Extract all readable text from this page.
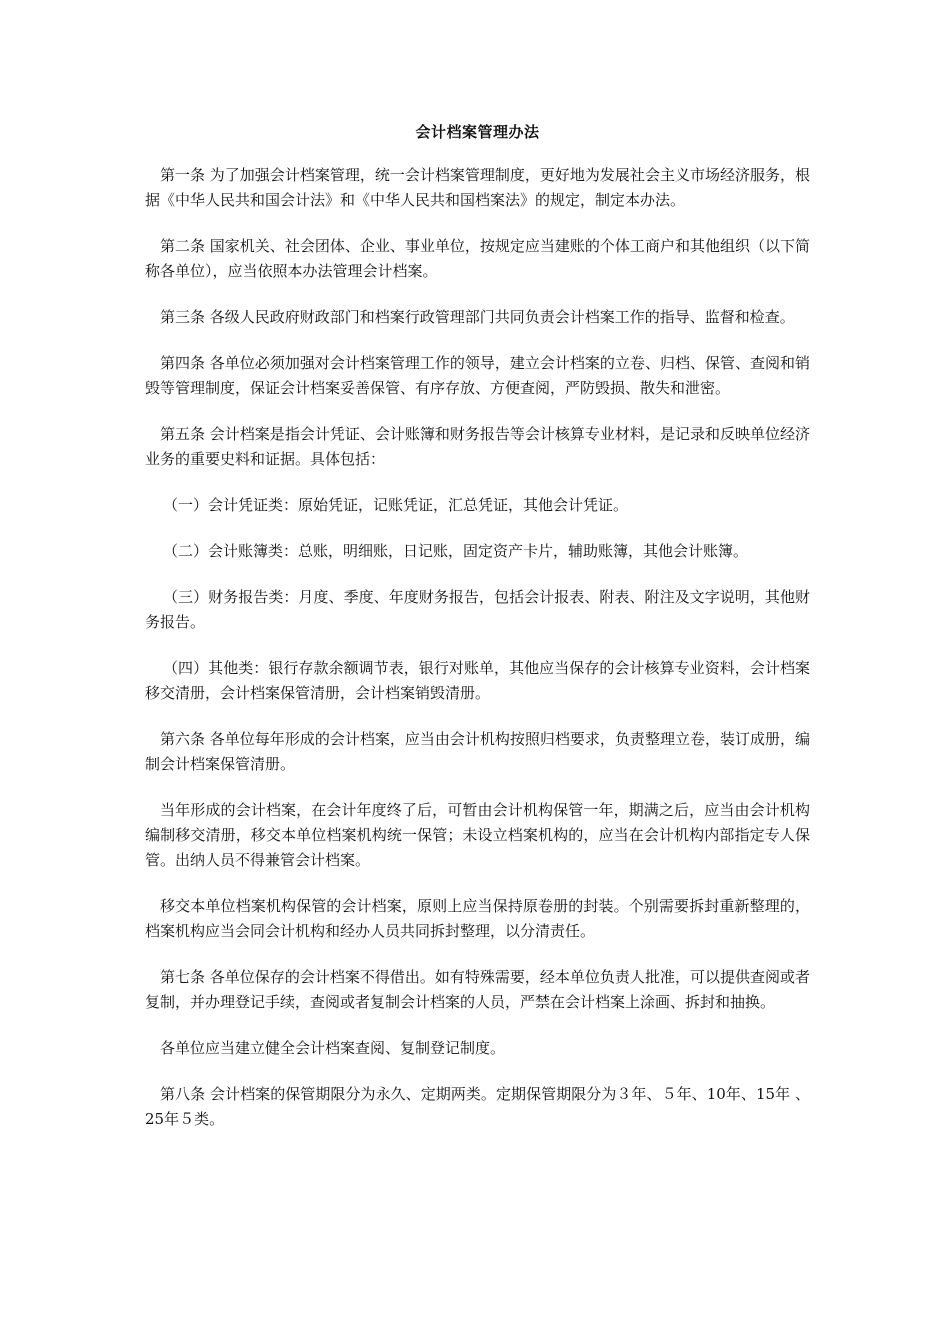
会计档案管理办法

第一条 为了加强会计档案管理，统一会计档案管理制度，更好地为发展社会主义市场经济服务，根据《中华人民共和国会计法》和《中华人民共和国档案法》的规定，制定本办法。

第二条 国家机关、社会团体、企业、事业单位，按规定应当建账的个体工商户和其他组织（以下简称各单位），应当依照本办法管理会计档案。

第三条 各级人民政府财政部门和档案行政管理部门共同负责会计档案工作的指导、监督和检查。

第四条 各单位必须加强对会计档案管理工作的领导，建立会计档案的立卷、归档、保管、查阅和销毁等管理制度，保证会计档案妥善保管、有序存放、方便查阅，严防毁损、散失和泄密。

第五条 会计档案是指会计凭证、会计账簿和财务报告等会计核算专业材料，是记录和反映单位经济业务的重要史料和证据。具体包括：

（一）会计凭证类：原始凭证，记账凭证，汇总凭证，其他会计凭证。

（二）会计账簿类：总账，明细账，日记账，固定资产卡片，辅助账簿，其他会计账簿。

（三）财务报告类：月度、季度、年度财务报告，包括会计报表、附表、附注及文字说明，其他财务报告。

（四）其他类：银行存款余额调节表，银行对账单，其他应当保存的会计核算专业资料，会计档案移交清册，会计档案保管清册，会计档案销毁清册。

第六条 各单位每年形成的会计档案，应当由会计机构按照归档要求，负责整理立卷，装订成册，编制会计档案保管清册。

当年形成的会计档案，在会计年度终了后，可暂由会计机构保管一年，期满之后，应当由会计机构编制移交清册，移交本单位档案机构统一保管；未设立档案机构的，应当在会计机构内部指定专人保管。出纳人员不得兼管会计档案。

移交本单位档案机构保管的会计档案，原则上应当保持原卷册的封装。个别需要拆封重新整理的，档案机构应当会同会计机构和经办人员共同拆封整理，以分清责任。

第七条 各单位保存的会计档案不得借出。如有特殊需要，经本单位负责人批准，可以提供查阅或者复制，并办理登记手续，查阅或者复制会计档案的人员，严禁在会计档案上涂画、拆封和抽换。

各单位应当建立健全会计档案查阅、复制登记制度。

第八条 会计档案的保管期限分为永久、定期两类。定期保管期限分为３年、５年、10年、15年 、25年５类。
